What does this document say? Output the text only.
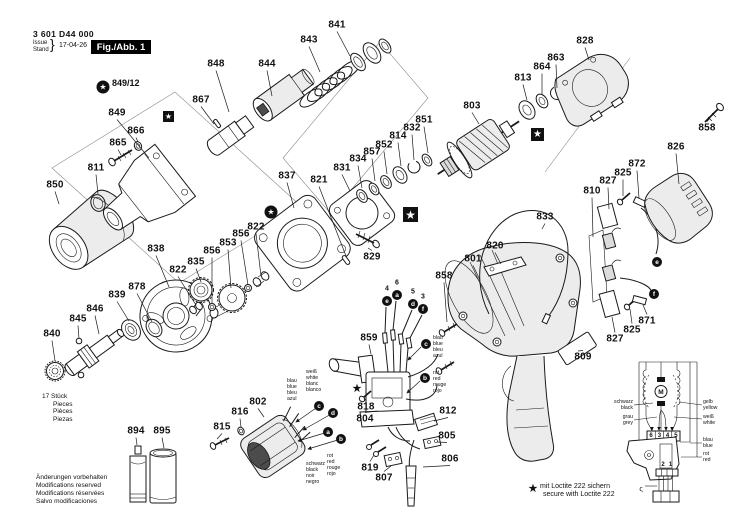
M
ς
3 601 D44 000
Issue
Stand } 17-04-26	Fig./Abb. 1
849/12
17 Stück
Pieces
Pièces
Piezas
Änderungen vorbehalten
Modifications reserved
Modifications réservées
Salvo modificaciones
★ mit Loctite 222 sichern
secure with Loctite 222
841
843
844
848
867
849
866
865
811
850
828
863
864
813
803
851
832
814
852
857
834
831
821
837
829
822
856
853
856
835
822
838
878
839
846
845
840
858
801
820
833
826
858
872
825
827
810
871
825
827
809
859
818
804
812
805
806
819
807
802
816
815
894 895
e
4
a
6
d
5
f
3
c
b
c
d
a
b
e
f
blau
blue
bleu
azul
rot
red
rouge
rojo
blau
blue
bleu
azul
weiß
white
blanc
blanco
schwarz
black
noir
negro
rot
red
rouge
rojo
★
★
★
★
★
★
schwarz
black
grau
grey
gelb
yellow
weiß
white
blau
blue
rot
red
6 3 4 5
2 1
